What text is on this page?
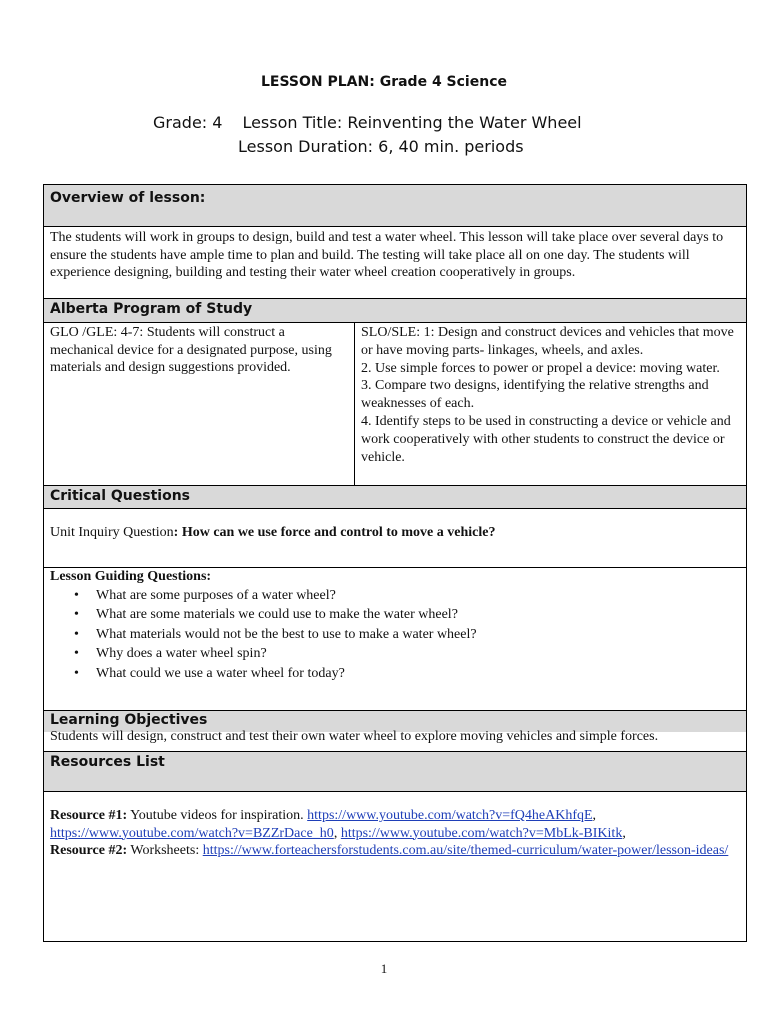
LESSON PLAN: Grade 4 Science
Grade: 4 Lesson Title: Reinventing the Water Wheel
Lesson Duration: 6, 40 min. periods
Overview of lesson:
The students will work in groups to design, build and test a water wheel. This lesson will take place over several days to ensure the students have ample time to plan and build. The testing will take place all on one day. The students will experience designing, building and testing their water wheel creation cooperatively in groups.
Alberta Program of Study
GLO /GLE: 4-7: Students will construct a mechanical device for a designated purpose, using materials and design suggestions provided.
SLO/SLE: 1: Design and construct devices and vehicles that move or have moving parts- linkages, wheels, and axles.
2. Use simple forces to power or propel a device: moving water.
3. Compare two designs, identifying the relative strengths and weaknesses of each.
4. Identify steps to be used in constructing a device or vehicle and work cooperatively with other students to construct the device or vehicle.
Critical Questions
Unit Inquiry Question: How can we use force and control to move a vehicle?
Lesson Guiding Questions:
• What are some purposes of a water wheel?
• What are some materials we could use to make the water wheel?
• What materials would not be the best to use to make a water wheel?
• Why does a water wheel spin?
• What could we use a water wheel for today?
Learning Objectives
Students will design, construct and test their own water wheel to explore moving vehicles and simple forces.
Resources List
Resource #1: Youtube videos for inspiration. https://www.youtube.com/watch?v=fQ4heAKhfqE, https://www.youtube.com/watch?v=BZZrDace_h0, https://www.youtube.com/watch?v=MbLk-BIKitk,
Resource #2: Worksheets: https://www.forteachersforstudents.com.au/site/themed-curriculum/water-power/lesson-ideas/
1
